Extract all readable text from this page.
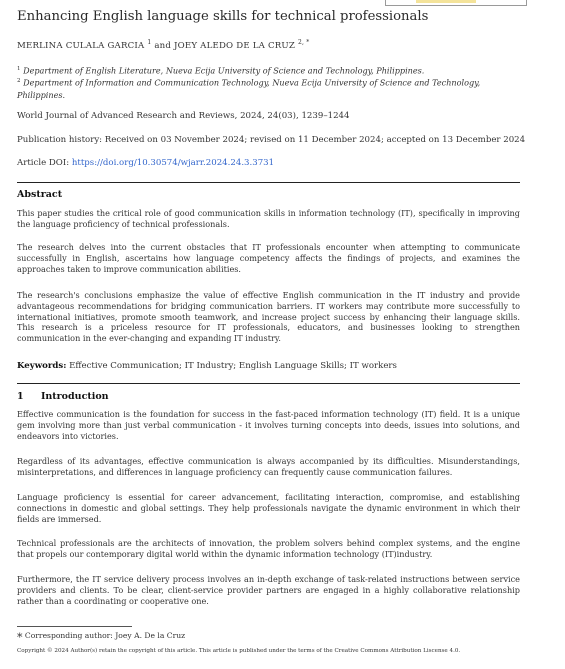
Enhancing English language skills for technical professionals
MERLINA CULALA GARCIA $^1$ and JOEY ALEDO DE LA CRUZ $^{2, *}$
$^1$ Department of English Literature, Nueva Ecija University of Science and Technology, Philippines.
$^2$ Department of Information and Communication Technology, Nueva Ecija University of Science and Technology, Philippines.
World Journal of Advanced Research and Reviews, 2024, 24(03), 1239–1244
Publication history: Received on 03 November 2024; revised on 11 December 2024; accepted on 13 December 2024
Article DOI: https://doi.org/10.30574/wjarr.2024.24.3.3731
Abstract
This paper studies the critical role of good communication skills in information technology (IT), specifically in improving the language proficiency of technical professionals.
The research delves into the current obstacles that IT professionals encounter when attempting to communicate successfully in English, ascertains how language competency affects the findings of projects, and examines the approaches taken to improve communication abilities.
The research's conclusions emphasize the value of effective English communication in the IT industry and provide advantageous recommendations for bridging communication barriers. IT workers may contribute more successfully to international initiatives, promote smooth teamwork, and increase project success by enhancing their language skills. This research is a priceless resource for IT professionals, educators, and businesses looking to strengthen communication in the ever-changing and expanding IT industry.
Keywords: Effective Communication; IT Industry; English Language Skills; IT workers
1 Introduction
Effective communication is the foundation for success in the fast-paced information technology (IT) field. It is a unique gem involving more than just verbal communication - it involves turning concepts into deeds, issues into solutions, and endeavors into victories.
Regardless of its advantages, effective communication is always accompanied by its difficulties. Misunderstandings, misinterpretations, and differences in language proficiency can frequently cause communication failures.
Language proficiency is essential for career advancement, facilitating interaction, compromise, and establishing connections in domestic and global settings. They help professionals navigate the dynamic environment in which their fields are immersed.
Technical professionals are the architects of innovation, the problem solvers behind complex systems, and the engine that propels our contemporary digital world within the dynamic information technology (IT)industry.
Furthermore, the IT service delivery process involves an in-depth exchange of task-related instructions between service providers and clients. To be clear, client-service provider partners are engaged in a highly collaborative relationship rather than a coordinating or cooperative one.
* Corresponding author: Joey A. De la Cruz
Copyright © 2024 Author(s) retain the copyright of this article. This article is published under the terms of the Creative Commons Attribution Liscense 4.0.
